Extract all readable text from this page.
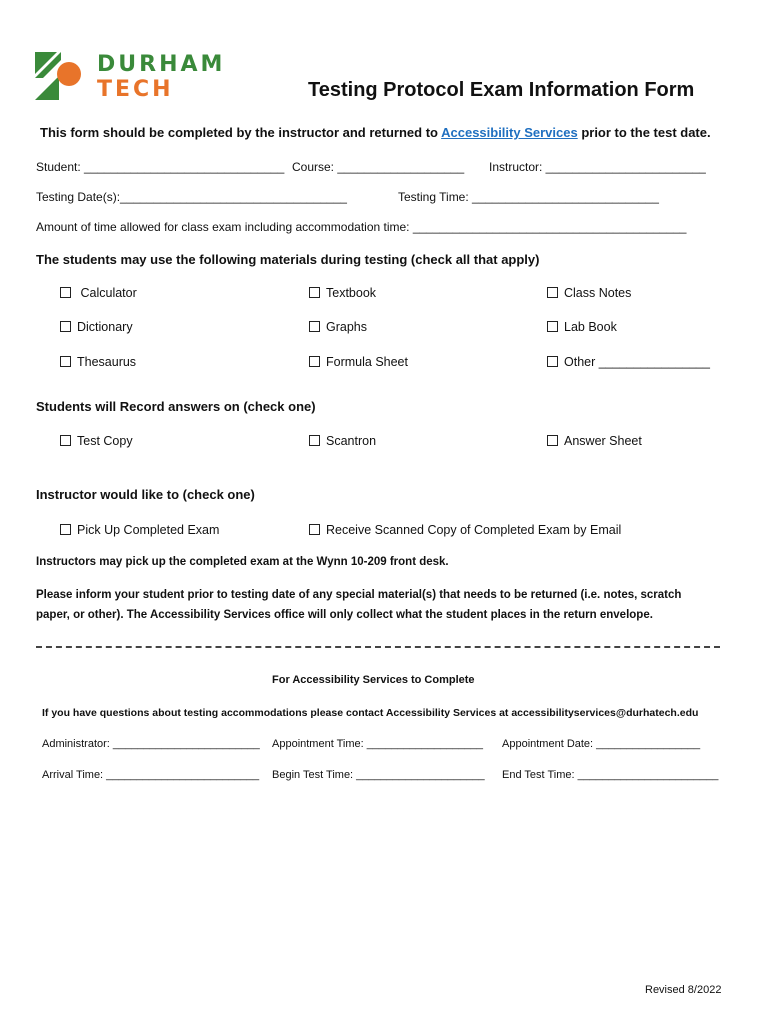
DURHAM
TECH	Testing Protocol Exam Information Form
This form should be completed by the instructor and returned to Accessibility Services prior to the test date.
Student: ______________________________ Course: ___________________ Instructor: ________________________
Testing Date(s):__________________________________	Testing Time: ____________________________
Amount of time allowed for class exam including accommodation time: _________________________________________
The students may use the following materials during testing (check all that apply)
Calculator	Textbook	Class Notes
Dictionary	Graphs	Lab Book
Thesaurus	Formula Sheet	Other ________________
Students will Record answers on (check one)
Test Copy	Scantron	Answer Sheet
Instructor would like to (check one)
Pick Up Completed Exam	Receive Scanned Copy of Completed Exam by Email
Instructors may pick up the completed exam at the Wynn 10-209 front desk.
Please inform your student prior to testing date of any special material(s) that needs to be returned (i.e. notes, scratch
paper, or other). The Accessibility Services office will only collect what the student places in the return envelope.
For Accessibility Services to Complete
If you have questions about testing accommodations please contact Accessibility Services at accessibilityservices@durhatech.edu
Administrator: ________________________ Appointment Time: ___________________ Appointment Date: _________________
Arrival Time: _________________________ Begin Test Time: _____________________ End Test Time: _______________________
Revised 8/2022
